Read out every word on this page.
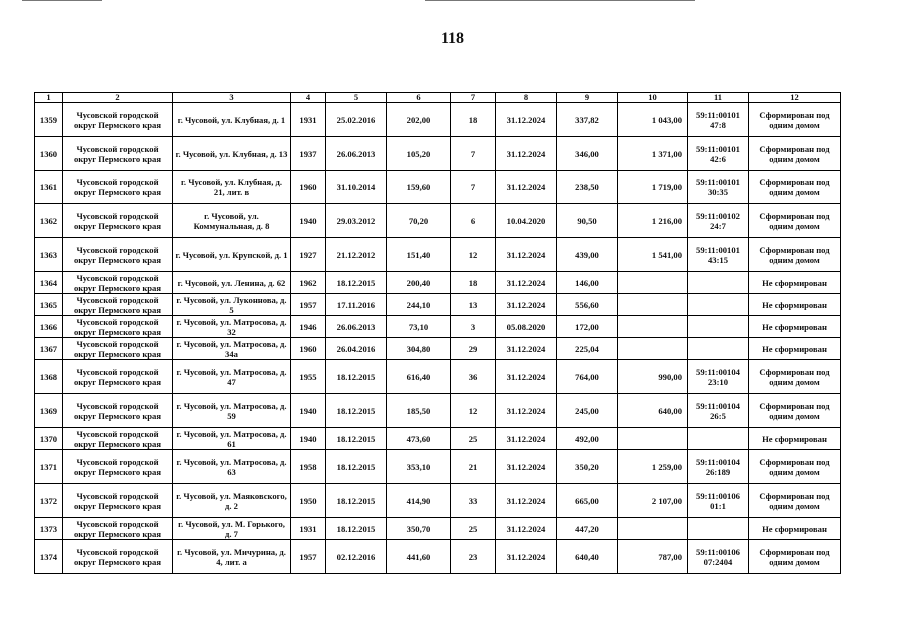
118
1	2	3	4	5	6	7	8	9	10	11	12
1359	Чусовской городской округ Пермского края	г. Чусовой, ул. Клубная, д. 1	1931	25.02.2016	202,00	18	31.12.2024	337,82	1 043,00	59:11:00101 47:8	Сформирован под одним домом
1360	Чусовской городской округ Пермского края	г. Чусовой, ул. Клубная, д. 13	1937	26.06.2013	105,20	7	31.12.2024	346,00	1 371,00	59:11:00101 42:6	Сформирован под одним домом
1361	Чусовской городской округ Пермского края	г. Чусовой, ул. Клубная, д. 21, лит. в	1960	31.10.2014	159,60	7	31.12.2024	238,50	1 719,00	59:11:00101 30:35	Сформирован под одним домом
1362	Чусовской городской округ Пермского края	г. Чусовой, ул. Коммунальная, д. 8	1940	29.03.2012	70,20	6	10.04.2020	90,50	1 216,00	59:11:00102 24:7	Сформирован под одним домом
1363	Чусовской городской округ Пермского края	г. Чусовой, ул. Крупской, д. 1	1927	21.12.2012	151,40	12	31.12.2024	439,00	1 541,00	59:11:00101 43:15	Сформирован под одним домом
1364	Чусовской городской округ Пермского края	г. Чусовой, ул. Ленина, д. 62	1962	18.12.2015	200,40	18	31.12.2024	146,00			Не сформирован
1365	Чусовской городской округ Пермского края	г. Чусовой, ул. Луконнова, д. 5	1957	17.11.2016	244,10	13	31.12.2024	556,60			Не сформирован
1366	Чусовской городской округ Пермского края	г. Чусовой, ул. Матросова, д. 32	1946	26.06.2013	73,10	3	05.08.2020	172,00			Не сформирован
1367	Чусовской городской округ Пермского края	г. Чусовой, ул. Матросова, д. 34а	1960	26.04.2016	304,80	29	31.12.2024	225,04			Не сформирован
1368	Чусовской городской округ Пермского края	г. Чусовой, ул. Матросова, д. 47	1955	18.12.2015	616,40	36	31.12.2024	764,00	990,00	59:11:00104 23:10	Сформирован под одним домом
1369	Чусовской городской округ Пермского края	г. Чусовой, ул. Матросова, д. 59	1940	18.12.2015	185,50	12	31.12.2024	245,00	640,00	59:11:00104 26:5	Сформирован под одним домом
1370	Чусовской городской округ Пермского края	г. Чусовой, ул. Матросова, д. 61	1940	18.12.2015	473,60	25	31.12.2024	492,00			Не сформирован
1371	Чусовской городской округ Пермского края	г. Чусовой, ул. Матросова, д. 63	1958	18.12.2015	353,10	21	31.12.2024	350,20	1 259,00	59:11:00104 26:189	Сформирован под одним домом
1372	Чусовской городской округ Пермского края	г. Чусовой, ул. Маяковского, д. 2	1950	18.12.2015	414,90	33	31.12.2024	665,00	2 107,00	59:11:00106 01:1	Сформирован под одним домом
1373	Чусовской городской округ Пермского края	г. Чусовой, ул. М. Горького, д. 7	1931	18.12.2015	350,70	25	31.12.2024	447,20			Не сформирован
1374	Чусовской городской округ Пермского края	г. Чусовой, ул. Мичурина, д. 4, лит. а	1957	02.12.2016	441,60	23	31.12.2024	640,40	787,00	59:11:00106 07:2404	Сформирован под одним домом
